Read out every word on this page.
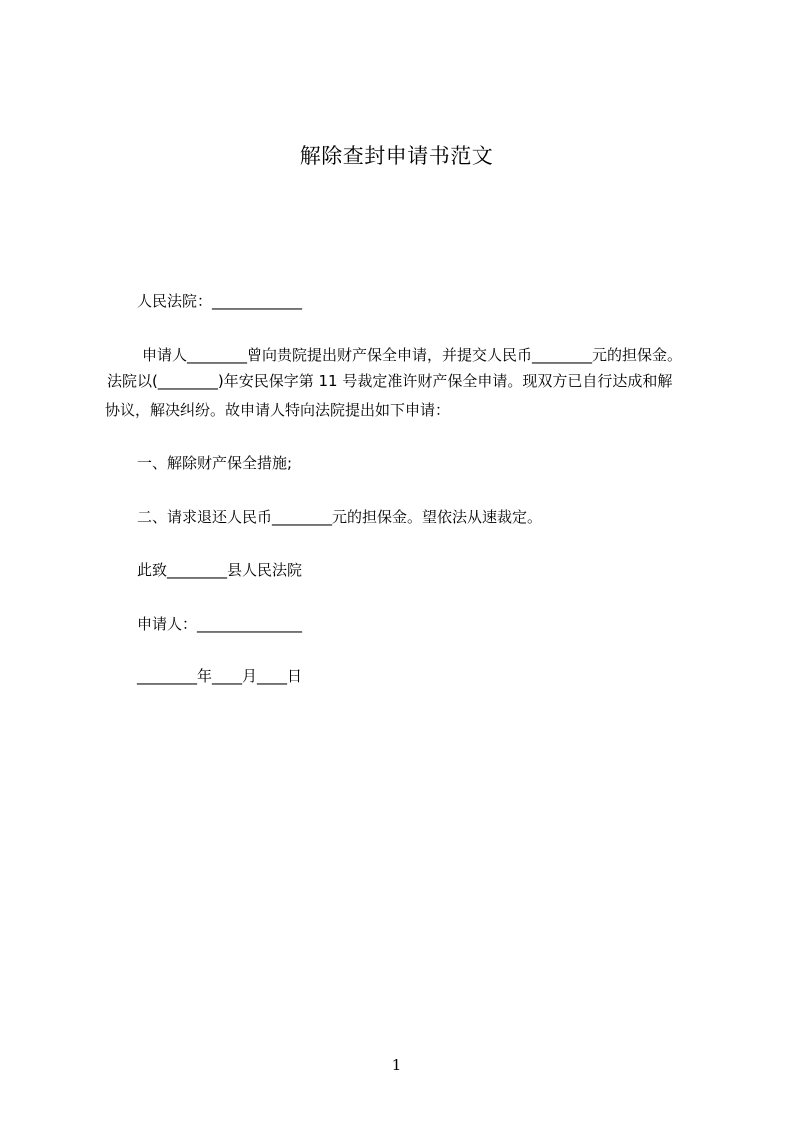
解除查封申请书范文
人民法院：____________
申请人________曾向贵院提出财产保全申请，并提交人民币________元的担保金。
法院以(________)年安民保字第 11 号裁定准许财产保全申请。现双方已自行达成和解
协议，解决纠纷。故申请人特向法院提出如下申请：
一、解除财产保全措施;
二、请求退还人民币________元的担保金。望依法从速裁定。
此致________县人民法院
申请人：______________
________年____月____日
1
